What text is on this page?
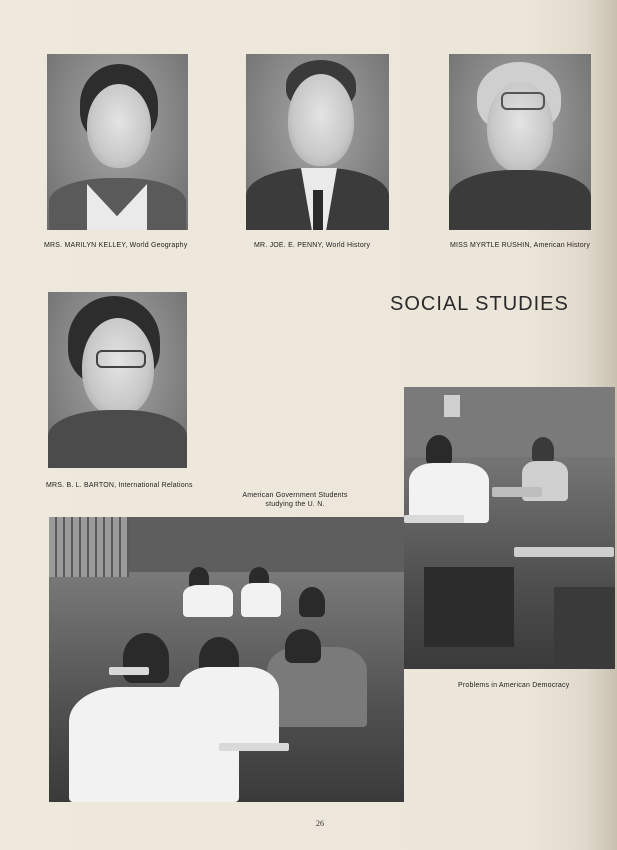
MRS. MARILYN KELLEY, World Geography	MR. JOE. E. PENNY, World History	MISS MYRTLE RUSHIN, American History
SOCIAL STUDIES
MRS. B. L. BARTON, International Relations
American Government Students
studying the U. N.
Problems in American Democracy
26
